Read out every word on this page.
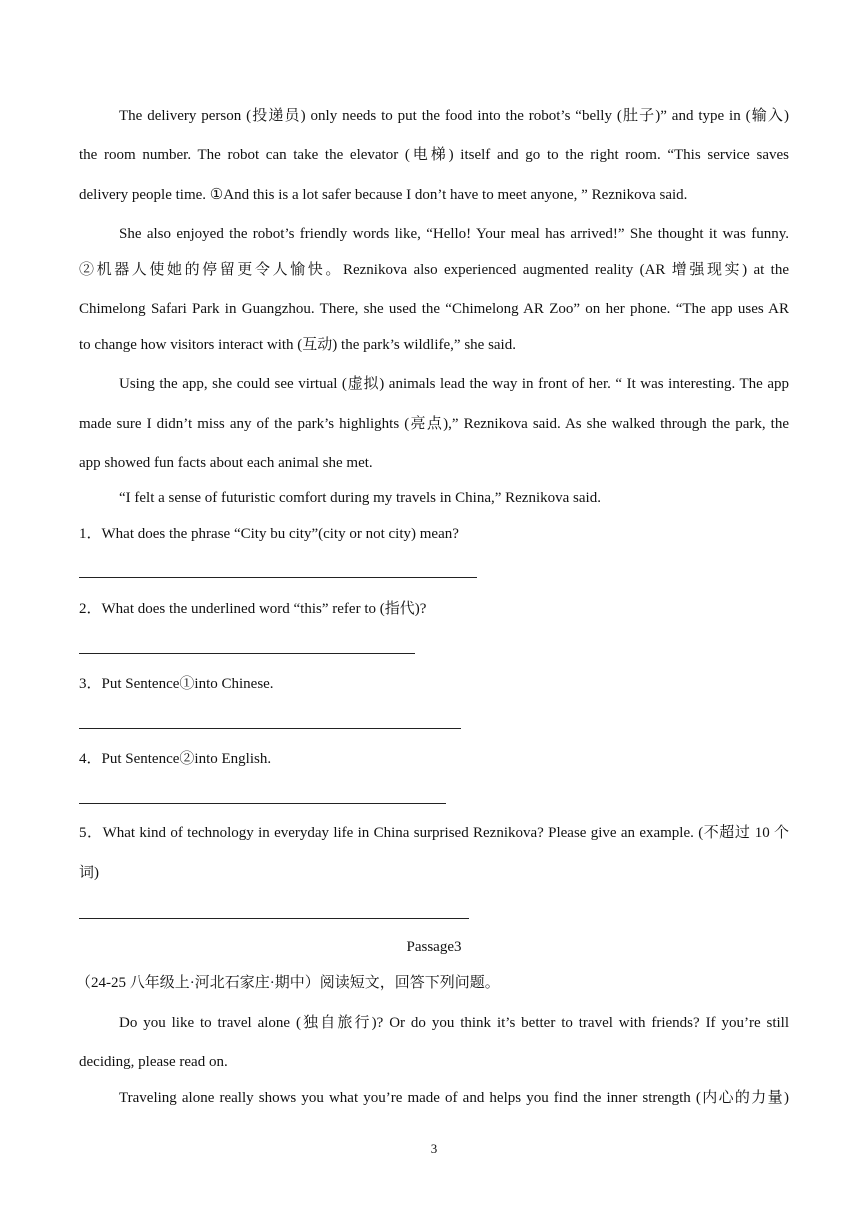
The delivery person (投递员) only needs to put the food into the robot’s “belly (肚子)” and type in (输入)
the room number. The robot can take the elevator (电梯) itself and go to the right room. “This service saves
delivery people time. ①And this is a lot safer because I don’t have to meet anyone, ” Reznikova said.
She also enjoyed the robot’s friendly words like, “Hello! Your meal has arrived!” She thought it was funny.
②机器人使她的停留更令人愉快。Reznikova also experienced augmented reality (AR 增强现实) at the
Chimelong Safari Park in Guangzhou. There, she used the “Chimelong AR Zoo” on her phone. “The app uses AR
to change how visitors interact with (互动) the park’s wildlife,” she said.
Using the app, she could see virtual (虚拟) animals lead the way in front of her. “ It was interesting. The app
made sure I didn’t miss any of the park’s highlights (亮点),” Reznikova said. As she walked through the park, the
app showed fun facts about each animal she met.
“I felt a sense of futuristic comfort during my travels in China,” Reznikova said.
1．What does the phrase “City bu city”(city or not city) mean?
2．What does the underlined word “this” refer to (指代)?
3．Put Sentence①into Chinese.
4．Put Sentence②into English.
5．What kind of technology in everyday life in China surprised Reznikova? Please give an example. (不超过 10 个
词)
Passage3
（24-25 八年级上·河北石家庄·期中）阅读短文，回答下列问题。
Do you like to travel alone (独自旅行)? Or do you think it’s better to travel with friends? If you’re still
deciding, please read on.
Traveling alone really shows you what you’re made of and helps you find the inner strength (内心的力量)
3
